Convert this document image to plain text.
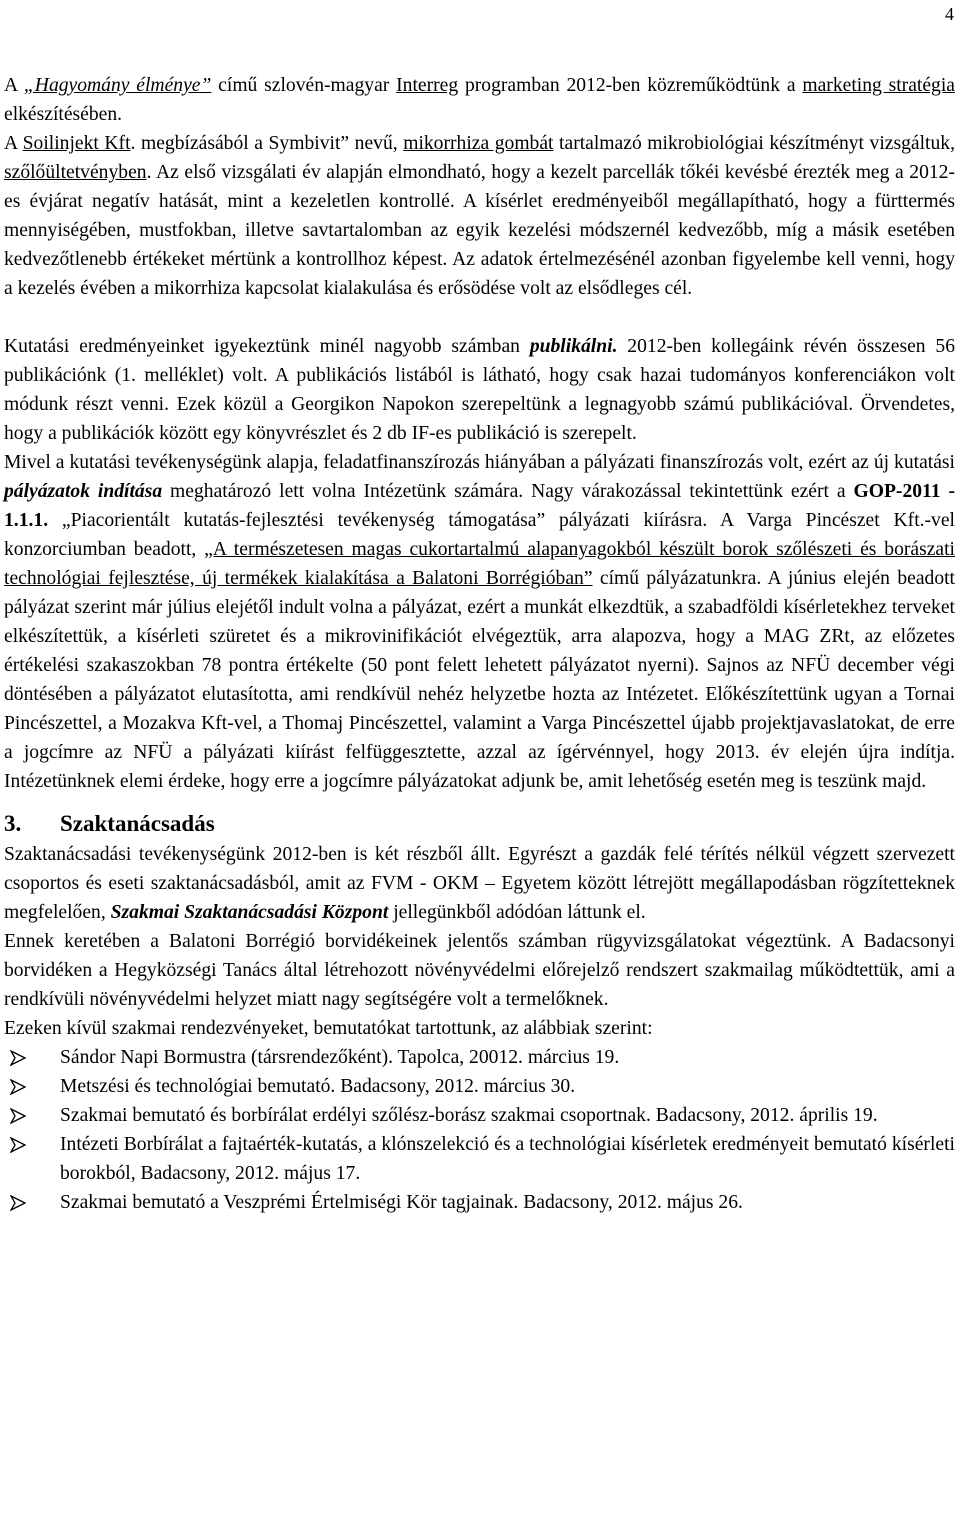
4

A „Hagyomány élménye” című szlovén-magyar Interreg programban 2012-ben közreműködtünk a marketing stratégia elkészítésében.

A Soilinjekt Kft. megbízásából a Symbivit” nevű, mikorrhiza gombát tartalmazó mikrobiológiai készítményt vizsgáltuk, szőlőültetvényben. Az első vizsgálati év alapján elmondható, hogy a kezelt parcellák tőkéi kevésbé érezték meg a 2012-es évjárat negatív hatását, mint a kezeletlen kontrollé. A kísérlet eredményeiből megállapítható, hogy a fürttermés mennyiségében, mustfokban, illetve savtartalomban az egyik kezelési módszernél kedvezőbb, míg a másik esetében kedvezőtlenebb értékeket mértünk a kontrollhoz képest. Az adatok értelmezésénél azonban figyelembe kell venni, hogy a kezelés évében a mikorrhiza kapcsolat kialakulása és erősödése volt az elsődleges cél.

Kutatási eredményeinket igyekeztünk minél nagyobb számban publikálni. 2012-ben kollegáink révén összesen 56 publikációnk (1. melléklet) volt. A publikációs listából is látható, hogy csak hazai tudományos konferenciákon volt módunk részt venni. Ezek közül a Georgikon Napokon szerepeltünk a legnagyobb számú publikációval. Örvendetes, hogy a publikációk között egy könyvrészlet és 2 db IF-es publikáció is szerepelt.

Mivel a kutatási tevékenységünk alapja, feladatfinanszírozás hiányában a pályázati finanszírozás volt, ezért az új kutatási pályázatok indítása meghatározó lett volna Intézetünk számára. Nagy várakozással tekintettünk ezért a GOP-2011 - 1.1.1. „Piacorientált kutatás-fejlesztési tevékenység támogatása” pályázati kiírásra. A Varga Pincészet Kft.-vel konzorciumban beadott, „A természetesen magas cukortartalmú alapanyagokból készült borok szőlészeti és borászati technológiai fejlesztése, új termékek kialakítása a Balatoni Borrégióban” című pályázatunkra. A június elején beadott pályázat szerint már július elejétől indult volna a pályázat, ezért a munkát elkezdtük, a szabadföldi kísérletekhez terveket elkészítettük, a kísérleti szüretet és a mikrovinifikációt elvégeztük, arra alapozva, hogy a MAG ZRt, az előzetes értékelési szakaszokban 78 pontra értékelte (50 pont felett lehetett pályázatot nyerni). Sajnos az NFÜ december végi döntésében a pályázatot elutasította, ami rendkívül nehéz helyzetbe hozta az Intézetet. Előkészítettünk ugyan a Tornai Pincészettel, a Mozakva Kft-vel, a Thomaj Pincészettel, valamint a Varga Pincészettel újabb projektjavaslatokat, de erre a jogcímre az NFÜ a pályázati kiírást felfüggesztette, azzal az ígérvénnyel, hogy 2013. év elején újra indítja. Intézetünknek elemi érdeke, hogy erre a jogcímre pályázatokat adjunk be, amit lehetőség esetén meg is teszünk majd.

3.	Szaktanácsadás

Szaktanácsadási tevékenységünk 2012-ben is két részből állt. Egyrészt a gazdák felé térítés nélkül végzett szervezett csoportos és eseti szaktanácsadásból, amit az FVM - OKM – Egyetem között létrejött megállapodásban rögzítetteknek megfelelően, Szakmai Szaktanácsadási Központ jellegünkből adódóan láttunk el.

Ennek keretében a Balatoni Borrégió borvidékeinek jelentős számban rügyvizsgálatokat végeztünk. A Badacsonyi borvidéken a Hegyközségi Tanács által létrehozott növényvédelmi előrejelző rendszert szakmailag működtettük, ami a rendkívüli növényvédelmi helyzet miatt nagy segítségére volt a termelőknek.

Ezeken kívül szakmai rendezvényeket, bemutatókat tartottunk, az alábbiak szerint:

Sándor Napi Bormustra (társrendezőként). Tapolca, 20012. március 19.
Metszési és technológiai bemutató. Badacsony, 2012. március 30.
Szakmai bemutató és borbírálat erdélyi szőlész-borász szakmai csoportnak. Badacsony, 2012. április 19.
Intézeti Borbírálat a fajtaérték-kutatás, a klónszelekció és a technológiai kísérletek eredményeit bemutató kísérleti borokból, Badacsony, 2012. május 17.
Szakmai bemutató a Veszprémi Értelmiségi Kör tagjainak. Badacsony, 2012. május 26.
